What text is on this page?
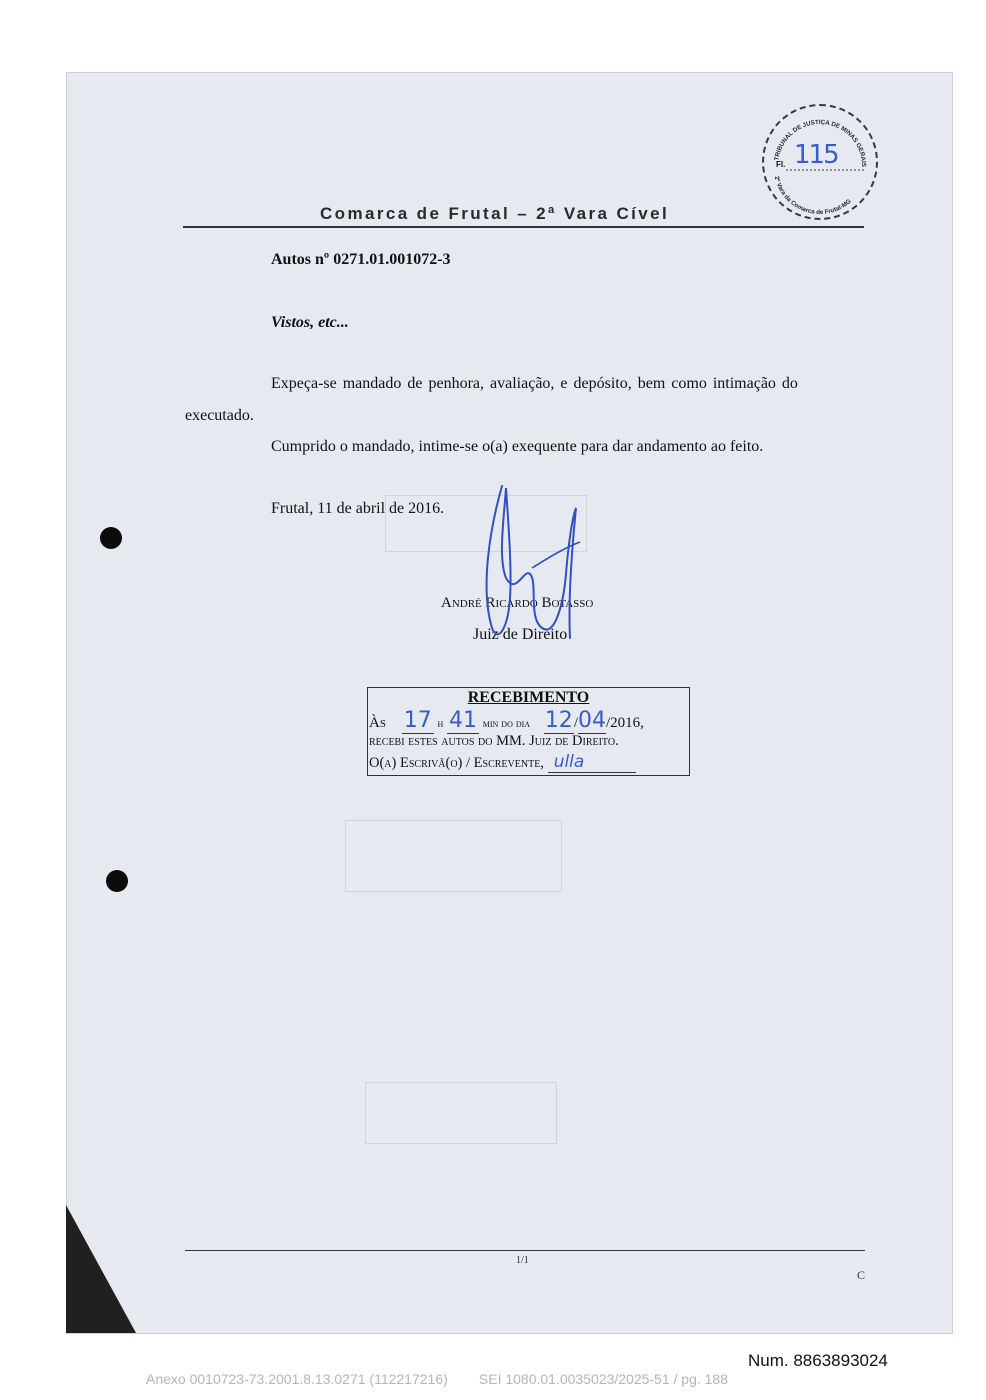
Comarca de Frutal – 2ª Vara Cível
TRIBUNAL DE JUSTIÇA DE MINAS GERAIS
2ª Vara da Comarca de Frutal-MG
Fl. 115
Autos nº 0271.01.001072-3
Vistos, etc...
Expeça-se mandado de penhora, avaliação, e depósito, bem como intimação do
executado.
Cumprido o mandado, intime-se o(a) exequente para dar andamento ao feito.
Frutal, 11 de abril de 2016.
André Ricardo Botasso
Juiz de Direito
RECEBIMENTO
Às 17 h 41 min do dia 12/04/2016,
recebi estes autos do MM. Juiz de Direito.
O(a) Escrivã(o) / Escrevente, ulla
1/1
C
Num. 8863893024
Anexo 0010723-73.2001.8.13.0271 (112217216) SEI 1080.01.0035023/2025-51 / pg. 188
